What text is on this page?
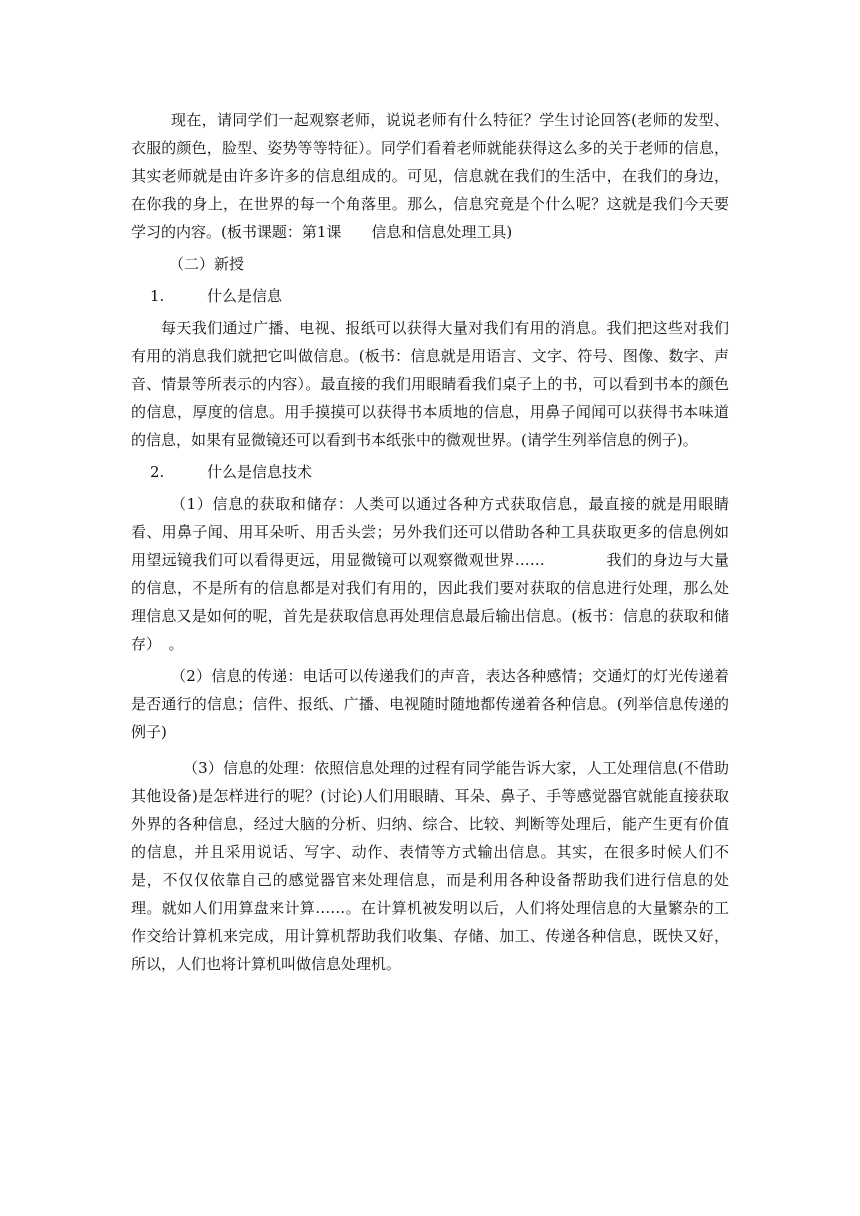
现在，请同学们一起观察老师，说说老师有什么特征？学生讨论回答(老师的发型、衣服的颜色，脸型、姿势等等特征）。同学们看着老师就能获得这么多的关于老师的信息，其实老师就是由许多许多的信息组成的。可见，信息就在我们的生活中，在我们的身边，在你我的身上，在世界的每一个角落里。那么，信息究竟是个什么呢？这就是我们今天要学习的内容。(板书课题：第1课　　信息和信息处理工具)

（二）新授
1.	什么是信息

每天我们通过广播、电视、报纸可以获得大量对我们有用的消息。我们把这些对我们有用的消息我们就把它叫做信息。(板书：信息就是用语言、文字、符号、图像、数字、声音、情景等所表示的内容）。最直接的我们用眼睛看我们桌子上的书，可以看到书本的颜色的信息，厚度的信息。用手摸摸可以获得书本质地的信息，用鼻子闻闻可以获得书本味道的信息，如果有显微镜还可以看到书本纸张中的微观世界。(请学生列举信息的例子)。

2.	什么是信息技术

（1）信息的获取和储存：人类可以通过各种方式获取信息，最直接的就是用眼睛看、用鼻子闻、用耳朵听、用舌头尝；另外我们还可以借助各种工具获取更多的信息例如用望远镜我们可以看得更远，用显微镜可以观察微观世界……　　　　我们的身边与大量的信息，不是所有的信息都是对我们有用的，因此我们要对获取的信息进行处理，那么处理信息又是如何的呢，首先是获取信息再处理信息最后输出信息。(板书：信息的获取和储存）　。

（2）信息的传递：电话可以传递我们的声音，表达各种感情；交通灯的灯光传递着是否通行的信息；信件、报纸、广播、电视随时随地都传递着各种信息。(列举信息传递的例子)

（3）信息的处理：依照信息处理的过程有同学能告诉大家，人工处理信息(不借助其他设备)是怎样进行的呢？(讨论)人们用眼睛、耳朵、鼻子、手等感觉器官就能直接获取外界的各种信息，经过大脑的分析、归纳、综合、比较、判断等处理后，能产生更有价值的信息，并且采用说话、写字、动作、表情等方式输出信息。其实，在很多时候人们不是，不仅仅依靠自己的感觉器官来处理信息，而是利用各种设备帮助我们进行信息的处理。就如人们用算盘来计算……。在计算机被发明以后，人们将处理信息的大量繁杂的工作交给计算机来完成，用计算机帮助我们收集、存储、加工、传递各种信息，既快又好，所以，人们也将计算机叫做信息处理机。
